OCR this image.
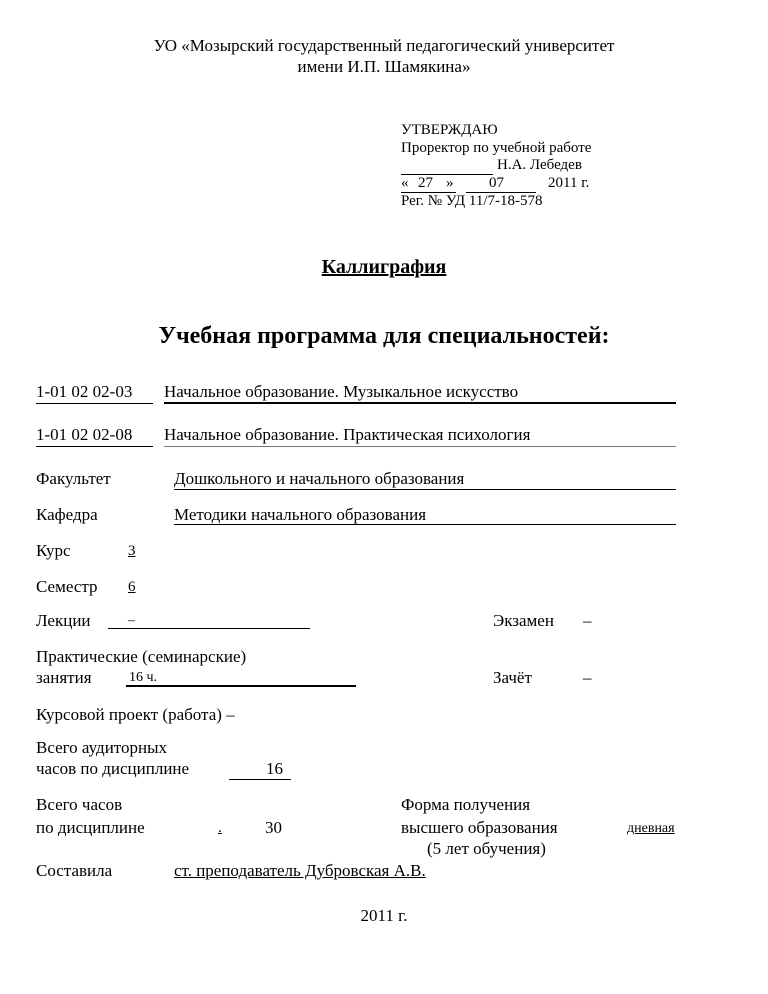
УО «Мозырский государственный педагогический университет
имени И.П. Шамякина»
УТВЕРЖДАЮ
Проректор по учебной работе
Н.А. Лебедев
« 27 » 07	2011 г.
Рег. № УД 11/7-18-578
Каллиграфия
Учебная программа для специальностей:
1-01 02 02-03 Начальное образование. Музыкальное искусство
1-01 02 02-08 Начальное образование. Практическая психология
Факультет	Дошкольного и начального образования
Кафедра	Методики начального образования
Курс	3
Семестр 6
Лекции	–	Экзамен –
Практические (семинарские)
занятия	16 ч.	Зачёт	–
Курсовой проект (работа) –
Всего аудиторных
часов по дисциплине	16
Всего часов
по дисциплине	.	30
Форма получения
высшего образования	дневная
(5 лет обучения)
Составила	ст. преподаватель Дубровская А.В.
2011 г.
